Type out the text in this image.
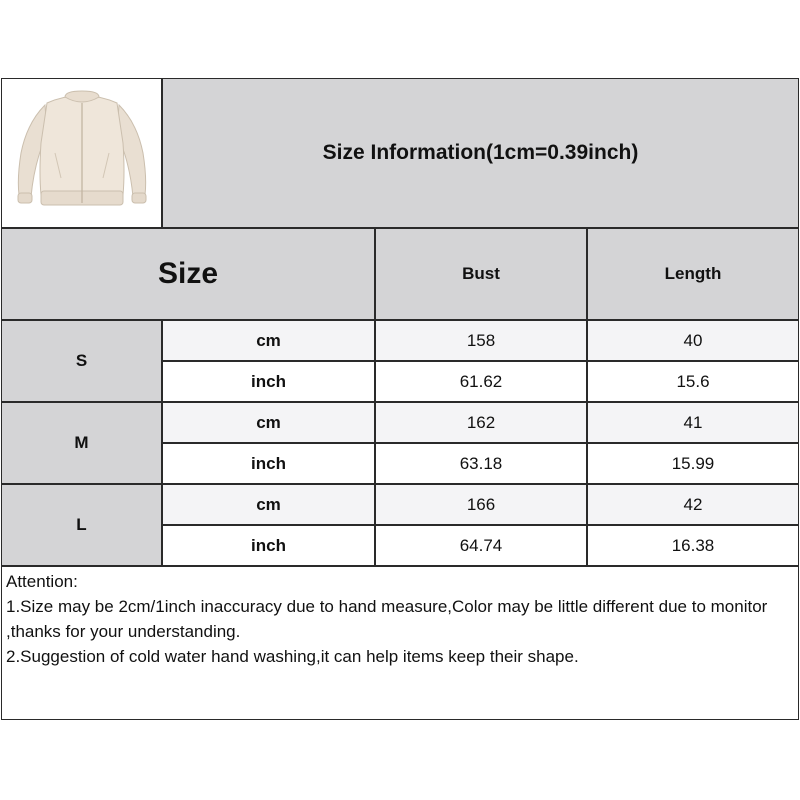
Size Information(1cm=0.39inch)
Size	Bust	Length
S
cm	158	40
inch	61.62	15.6
M
cm	162	41
inch	63.18	15.99
L
cm	166	42
inch	64.74	16.38

Attention:

1.Size may be 2cm/1inch inaccuracy due to hand measure,Color may be little different due to monitor ,thanks for your understanding.

2.Suggestion of cold water hand washing,it can help items keep their shape.
